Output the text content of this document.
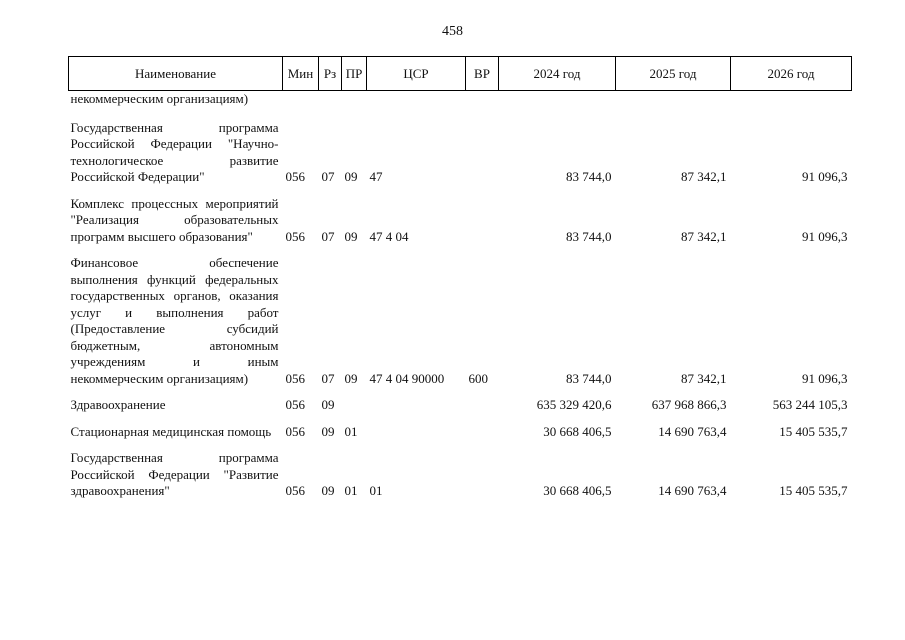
458
Наименование	Мин	Рз	ПР	ЦСР	ВР	2024 год	2025 год	2026 год
некоммерческим организациям)								
Государственная программа Российской Федерации "Научно-технологическое развитие Российской Федерации"	056	07	09	47		83 744,0	87 342,1	91 096,3

Комплекс процессных мероприятий "Реализация образовательных программ высшего образования"	056	07	09	47 4 04		83 744,0	87 342,1	91 096,3

Финансовое обеспечение выполнения функций федеральных государственных органов, оказания услуг и выполнения работ (Предоставление субсидий бюджетным, автономным учреждениям и иным некоммерческим организациям)	056	07	09	47 4 04 90000	600	83 744,0	87 342,1	91 096,3

Здравоохранение	056	09				635 329 420,6	637 968 866,3	563 244 105,3

Стационарная медицинская помощь	056	09	01			30 668 406,5	14 690 763,4	15 405 535,7

Государственная программа Российской Федерации "Развитие здравоохранения"	056	09	01	01		30 668 406,5	14 690 763,4	15 405 535,7
